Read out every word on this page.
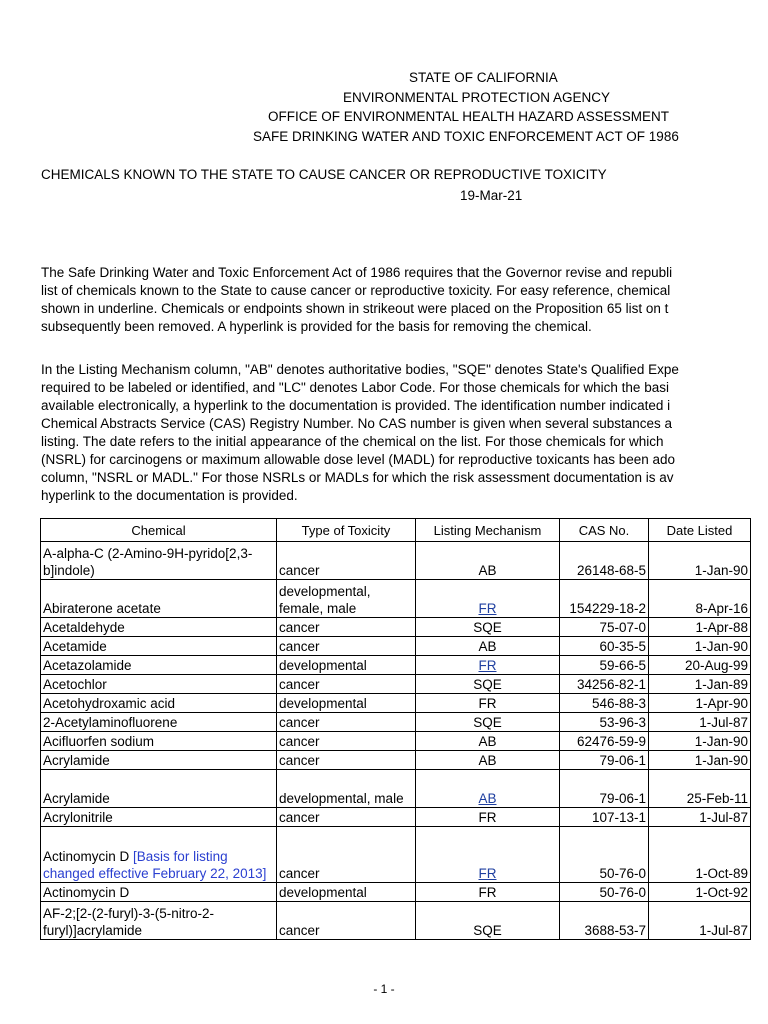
STATE OF CALIFORNIA
ENVIRONMENTAL PROTECTION AGENCY
OFFICE OF ENVIRONMENTAL HEALTH HAZARD ASSESSMENT
SAFE DRINKING WATER AND TOXIC ENFORCEMENT ACT OF 1986
CHEMICALS KNOWN TO THE STATE TO CAUSE CANCER OR REPRODUCTIVE TOXICITY
19-Mar-21
The Safe Drinking Water and Toxic Enforcement Act of 1986 requires that the Governor revise and republi
list of chemicals known to the State to cause cancer or reproductive toxicity. For easy reference, chemical
shown in underline. Chemicals or endpoints shown in strikeout were placed on the Proposition 65 list on t
subsequently been removed. A hyperlink is provided for the basis for removing the chemical.
In the Listing Mechanism column, "AB" denotes authoritative bodies, "SQE" denotes State's Qualified Expe
required to be labeled or identified, and "LC" denotes Labor Code. For those chemicals for which the basi
available electronically, a hyperlink to the documentation is provided. The identification number indicated i
Chemical Abstracts Service (CAS) Registry Number. No CAS number is given when several substances a
listing. The date refers to the initial appearance of the chemical on the list. For those chemicals for which
(NSRL) for carcinogens or maximum allowable dose level (MADL) for reproductive toxicants has been ado
column, "NSRL or MADL." For those NSRLs or MADLs for which the risk assessment documentation is av
hyperlink to the documentation is provided.
Chemical	Type of Toxicity	Listing Mechanism	CAS No.	Date Listed
A-alpha-C (2-Amino-9H-pyrido[2,3-b]indole)	cancer	AB	26148-68-5	1-Jan-90
Abiraterone acetate	developmental, female, male	FR	154229-18-2	8-Apr-16
Acetaldehyde	cancer	SQE	75-07-0	1-Apr-88
Acetamide	cancer	AB	60-35-5	1-Jan-90
Acetazolamide	developmental	FR	59-66-5	20-Aug-99
Acetochlor	cancer	SQE	34256-82-1	1-Jan-89
Acetohydroxamic acid	developmental	FR	546-88-3	1-Apr-90
2-Acetylaminofluorene	cancer	SQE	53-96-3	1-Jul-87
Acifluorfen sodium	cancer	AB	62476-59-9	1-Jan-90
Acrylamide	cancer	AB	79-06-1	1-Jan-90
Acrylamide	developmental, male	AB	79-06-1	25-Feb-11
Acrylonitrile	cancer	FR	107-13-1	1-Jul-87
Actinomycin D [Basis for listing changed effective February 22, 2013]	cancer	FR	50-76-0	1-Oct-89
Actinomycin D	developmental	FR	50-76-0	1-Oct-92
AF-2;[2-(2-furyl)-3-(5-nitro-2-furyl)]acrylamide	cancer	SQE	3688-53-7	1-Jul-87
- 1 -
